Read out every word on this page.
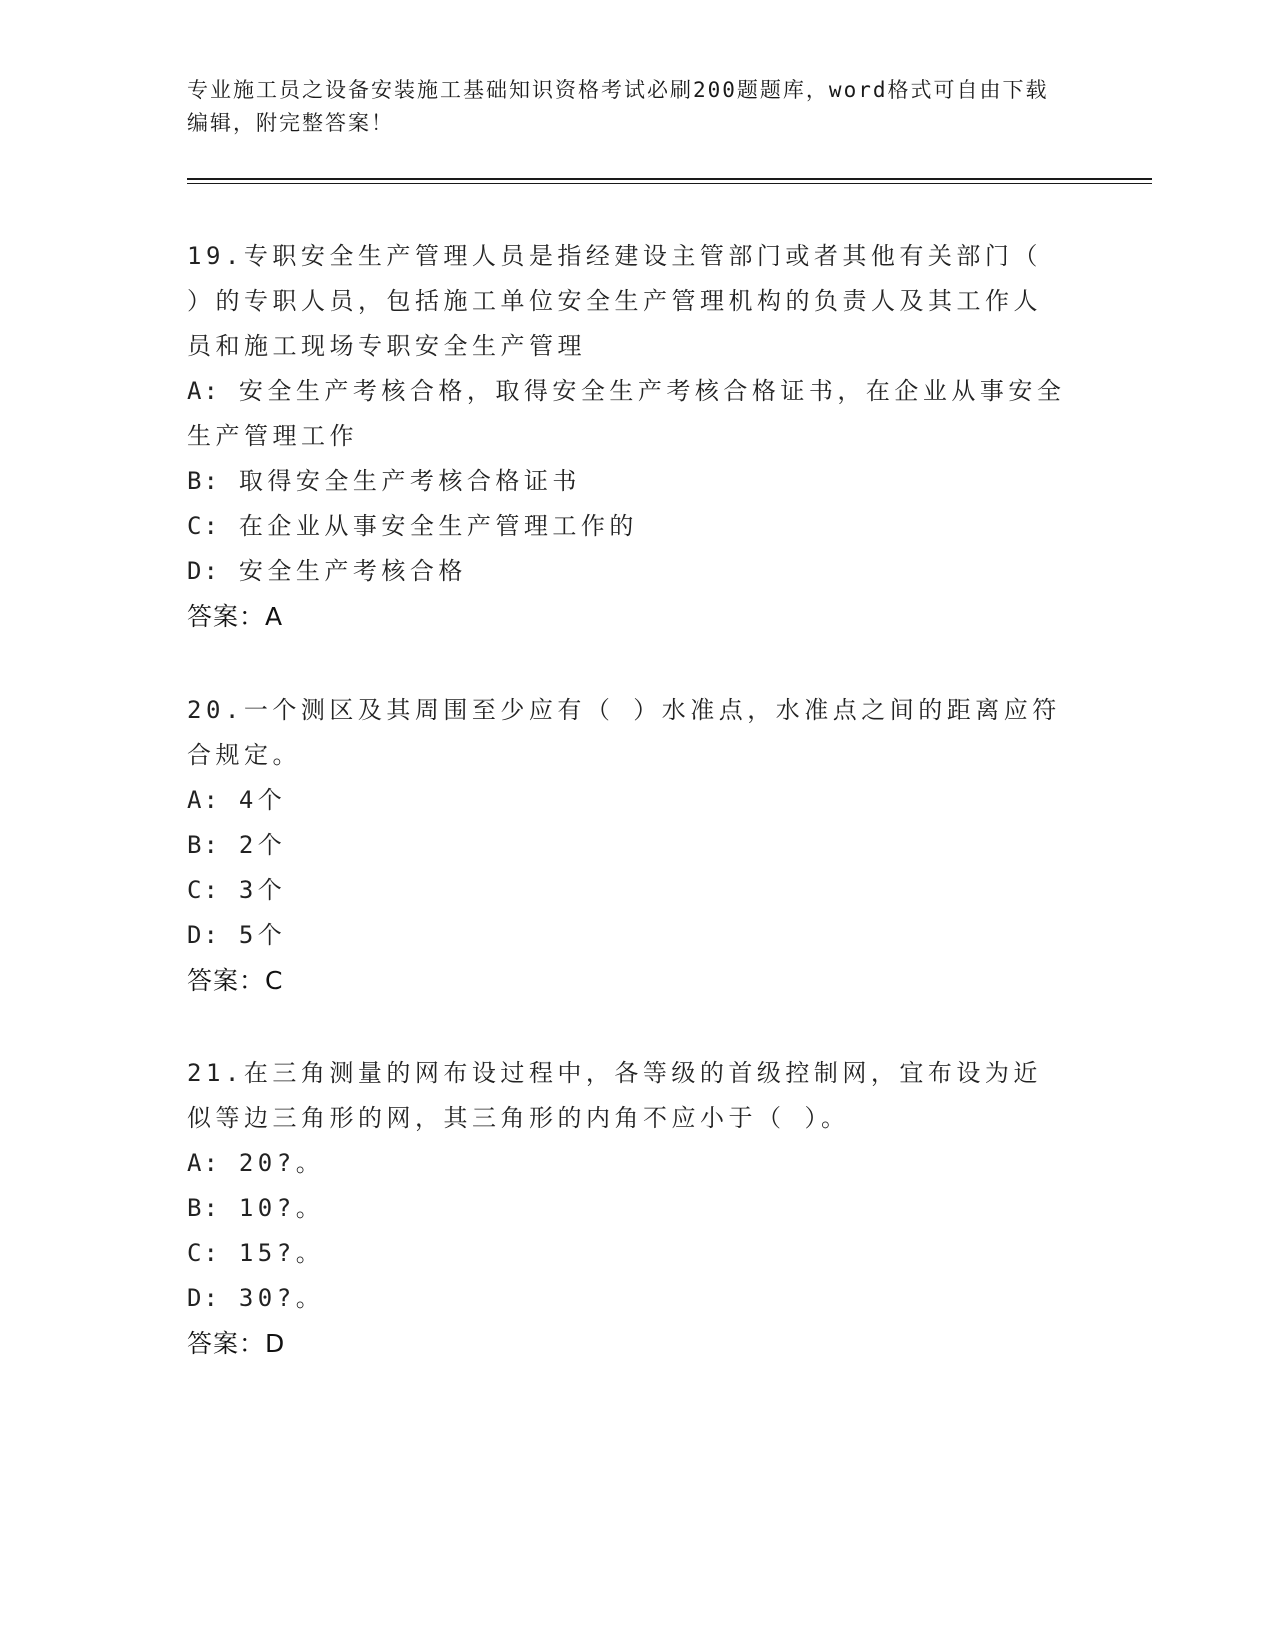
专业施工员之设备安装施工基础知识资格考试必刷200题题库，word格式可自由下载编辑，附完整答案！

19.专职安全生产管理人员是指经建设主管部门或者其他有关部门（ ）的专职人员，包括施工单位安全生产管理机构的负责人及其工作人员和施工现场专职安全生产管理

A: 安全生产考核合格，取得安全生产考核合格证书，在企业从事安全生产管理工作

B: 取得安全生产考核合格证书

C: 在企业从事安全生产管理工作的

D: 安全生产考核合格

答案：A

20.一个测区及其周围至少应有（ ）水准点，水准点之间的距离应符合规定。

A: 4个

B: 2个

C: 3个

D: 5个

答案：C

21.在三角测量的网布设过程中，各等级的首级控制网，宜布设为近似等边三角形的网，其三角形的内角不应小于（ ）。

A: 20?。

B: 10?。

C: 15?。

D: 30?。

答案：D
